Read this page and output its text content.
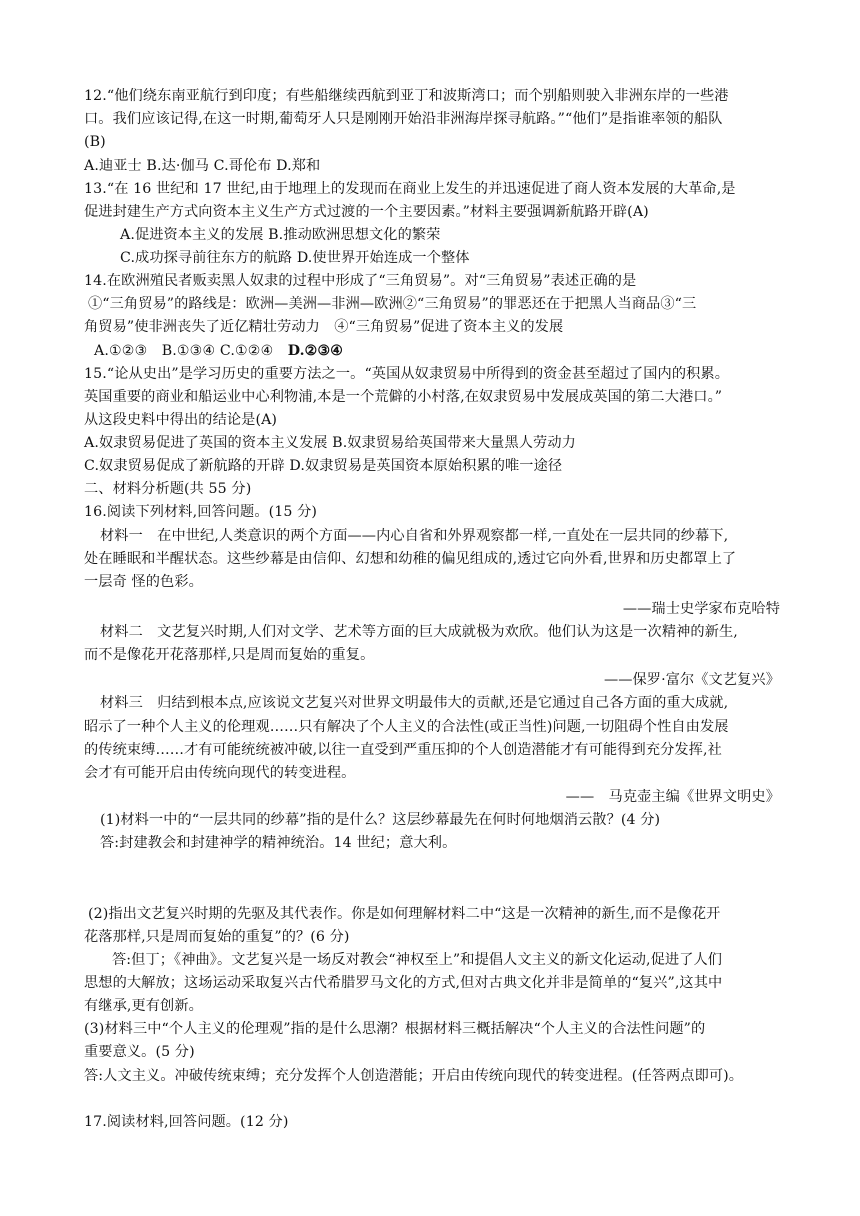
12.“他们绕东南亚航行到印度；有些船继续西航到亚丁和波斯湾口；而个别船则驶入非洲东岸的一些港
口。我们应该记得,在这一时期,葡萄牙人只是刚刚开始沿非洲海岸探寻航路。”“他们”是指谁率领的船队
(B)
A.迪亚士 B.达·伽马 C.哥伦布 D.郑和
13.“在 16 世纪和 17 世纪,由于地理上的发现而在商业上发生的并迅速促进了商人资本发展的大革命,是
促进封建生产方式向资本主义生产方式过渡的一个主要因素。”材料主要强调新航路开辟(A)
A.促进资本主义的发展 B.推动欧洲思想文化的繁荣
C.成功探寻前往东方的航路 D.使世界开始连成一个整体
14.在欧洲殖民者贩卖黑人奴隶的过程中形成了“三角贸易”。对“三角贸易”表述正确的是
①“三角贸易”的路线是：欧洲—美洲—非洲—欧洲②“三角贸易”的罪恶还在于把黑人当商品③“三
角贸易”使非洲丧失了近亿精壮劳动力　④“三角贸易”促进了资本主义的发展
A.①②③　B.①③④ C.①②④　D.②③④
15.“论从史出”是学习历史的重要方法之一。“英国从奴隶贸易中所得到的资金甚至超过了国内的积累。
英国重要的商业和船运业中心利物浦,本是一个荒僻的小村落,在奴隶贸易中发展成英国的第二大港口。”
从这段史料中得出的结论是(A)
A.奴隶贸易促进了英国的资本主义发展 B.奴隶贸易给英国带来大量黑人劳动力
C.奴隶贸易促成了新航路的开辟 D.奴隶贸易是英国资本原始积累的唯一途径
二、材料分析题(共 55 分)
16.阅读下列材料,回答问题。(15 分)
材料一　在中世纪,人类意识的两个方面——内心自省和外界观察都一样,一直处在一层共同的纱幕下,
处在睡眠和半醒状态。这些纱幕是由信仰、幻想和幼稚的偏见组成的,透过它向外看,世界和历史都罩上了
一层奇 怪的色彩。
——瑞士史学家布克哈特
材料二　文艺复兴时期,人们对文学、艺术等方面的巨大成就极为欢欣。他们认为这是一次精神的新生,
而不是像花开花落那样,只是周而复始的重复。
——保罗·富尔《文艺复兴》
材料三　归结到根本点,应该说文艺复兴对世界文明最伟大的贡献,还是它通过自己各方面的重大成就,
昭示了一种个人主义的伦理观……只有解决了个人主义的合法性(或正当性)问题,一切阻碍个性自由发展
的传统束缚……才有可能统统被冲破,以往一直受到严重压抑的个人创造潜能才有可能得到充分发挥,社
会才有可能开启由传统向现代的转变进程。
——　马克壶主编《世界文明史》
(1)材料一中的“一层共同的纱幕”指的是什么？这层纱幕最先在何时何地烟消云散？(4 分)
答:封建教会和封建神学的精神统治。14 世纪；意大利。
(2)指出文艺复兴时期的先驱及其代表作。你是如何理解材料二中“这是一次精神的新生,而不是像花开
花落那样,只是周而复始的重复”的？(6 分)
答:但丁；《神曲》。文艺复兴是一场反对教会“神权至上”和提倡人文主义的新文化运动,促进了人们
思想的大解放；这场运动采取复兴古代希腊罗马文化的方式,但对古典文化并非是简单的“复兴”,这其中
有继承,更有创新。
(3)材料三中“个人主义的伦理观”指的是什么思潮？根据材料三概括解决“个人主义的合法性问题”的
重要意义。(5 分)
答:人文主义。冲破传统束缚；充分发挥个人创造潜能；开启由传统向现代的转变进程。(任答两点即可)。
17.阅读材料,回答问题。(12 分)
